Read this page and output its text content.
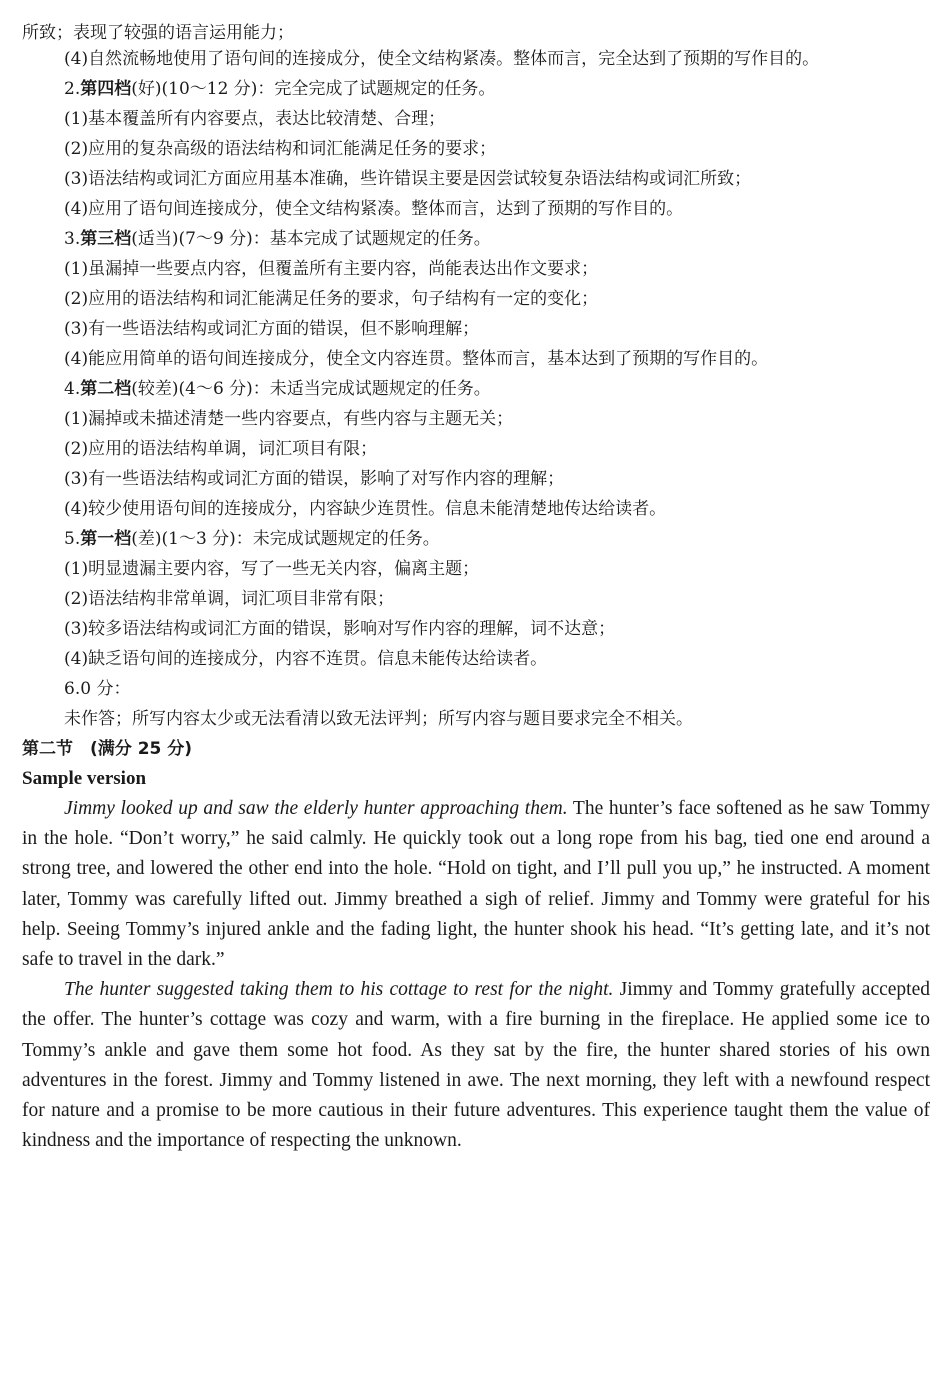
所致；表现了较强的语言运用能力；

(4)自然流畅地使用了语句间的连接成分，使全文结构紧凑。整体而言，完全达到了预期的写作目的。

2.第四档(好)(10～12 分)：完全完成了试题规定的任务。

(1)基本覆盖所有内容要点，表达比较清楚、合理；

(2)应用的复杂高级的语法结构和词汇能满足任务的要求；

(3)语法结构或词汇方面应用基本准确，些许错误主要是因尝试较复杂语法结构或词汇所致；

(4)应用了语句间连接成分，使全文结构紧凑。整体而言，达到了预期的写作目的。

3.第三档(适当)(7～9 分)：基本完成了试题规定的任务。

(1)虽漏掉一些要点内容，但覆盖所有主要内容，尚能表达出作文要求；

(2)应用的语法结构和词汇能满足任务的要求，句子结构有一定的变化；

(3)有一些语法结构或词汇方面的错误，但不影响理解；

(4)能应用简单的语句间连接成分，使全文内容连贯。整体而言，基本达到了预期的写作目的。

4.第二档(较差)(4～6 分)：未适当完成试题规定的任务。

(1)漏掉或未描述清楚一些内容要点，有些内容与主题无关；

(2)应用的语法结构单调，词汇项目有限；

(3)有一些语法结构或词汇方面的错误，影响了对写作内容的理解；

(4)较少使用语句间的连接成分，内容缺少连贯性。信息未能清楚地传达给读者。

5.第一档(差)(1～3 分)：未完成试题规定的任务。

(1)明显遗漏主要内容，写了一些无关内容，偏离主题；

(2)语法结构非常单调，词汇项目非常有限；

(3)较多语法结构或词汇方面的错误，影响对写作内容的理解，词不达意；

(4)缺乏语句间的连接成分，内容不连贯。信息未能传达给读者。

6.0 分：

未作答；所写内容太少或无法看清以致无法评判；所写内容与题目要求完全不相关。

第二节　(满分 25 分)

Sample version

Jimmy looked up and saw the elderly hunter approaching them. The hunter’s face softened as he saw Tommy in the hole. “Don’t worry,” he said calmly. He quickly took out a long rope from his bag, tied one end around a strong tree, and lowered the other end into the hole. “Hold on tight, and I’ll pull you up,” he instructed. A moment later, Tommy was carefully lifted out. Jimmy breathed a sigh of relief. Jimmy and Tommy were grateful for his help. Seeing Tommy’s injured ankle and the fading light, the hunter shook his head. “It’s getting late, and it’s not safe to travel in the dark.”

The hunter suggested taking them to his cottage to rest for the night. Jimmy and Tommy gratefully accepted the offer. The hunter’s cottage was cozy and warm, with a fire burning in the fireplace. He applied some ice to Tommy’s ankle and gave them some hot food. As they sat by the fire, the hunter shared stories of his own adventures in the forest. Jimmy and Tommy listened in awe. The next morning, they left with a newfound respect for nature and a promise to be more cautious in their future adventures. This experience taught them the value of kindness and the importance of respecting the unknown.
